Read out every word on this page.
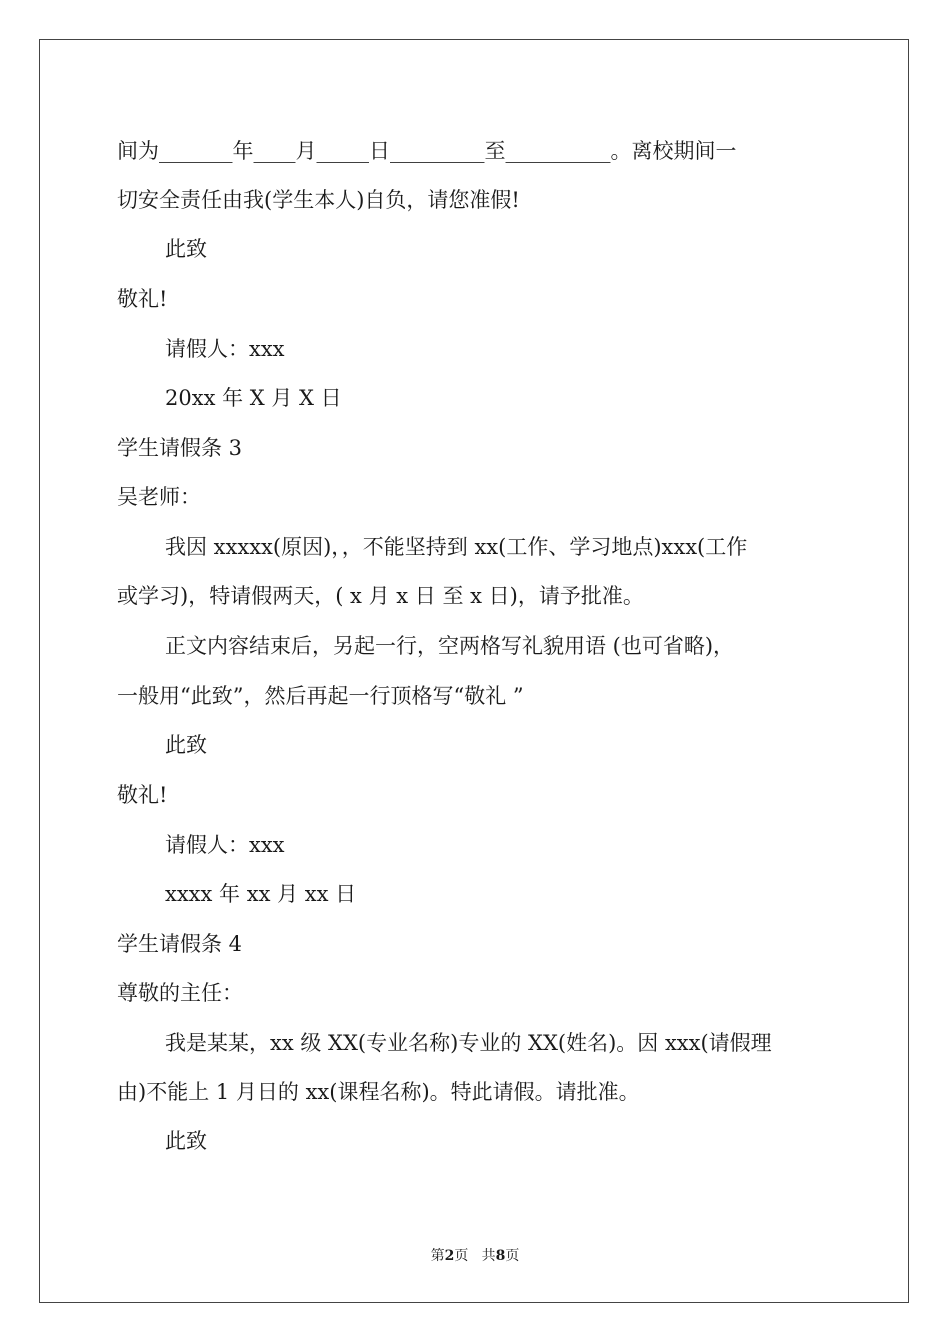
间为_______年____月_____日_________至__________。离校期间一
切安全责任由我(学生本人)自负，请您准假!
此致
敬礼!
请假人：xxx
20xx 年 X 月 X 日
学生请假条 3
吴老师：
我因 xxxxx(原因)，，不能坚持到 xx(工作、学习地点)xxx(工作
或学习)，特请假两天，( x 月 x 日 至 x 日)，请予批准。
正文内容结束后，另起一行，空两格写礼貌用语 (也可省略)，
一般用“此致”，然后再起一行顶格写“敬礼 ”
此致
敬礼!
请假人：xxx
xxxx 年 xx 月 xx 日
学生请假条 4
尊敬的主任：
我是某某，xx 级 XX(专业名称)专业的 XX(姓名)。因 xxx(请假理
由)不能上 1 月日的 xx(课程名称)。特此请假。请批准。
此致
第2页   共8页
